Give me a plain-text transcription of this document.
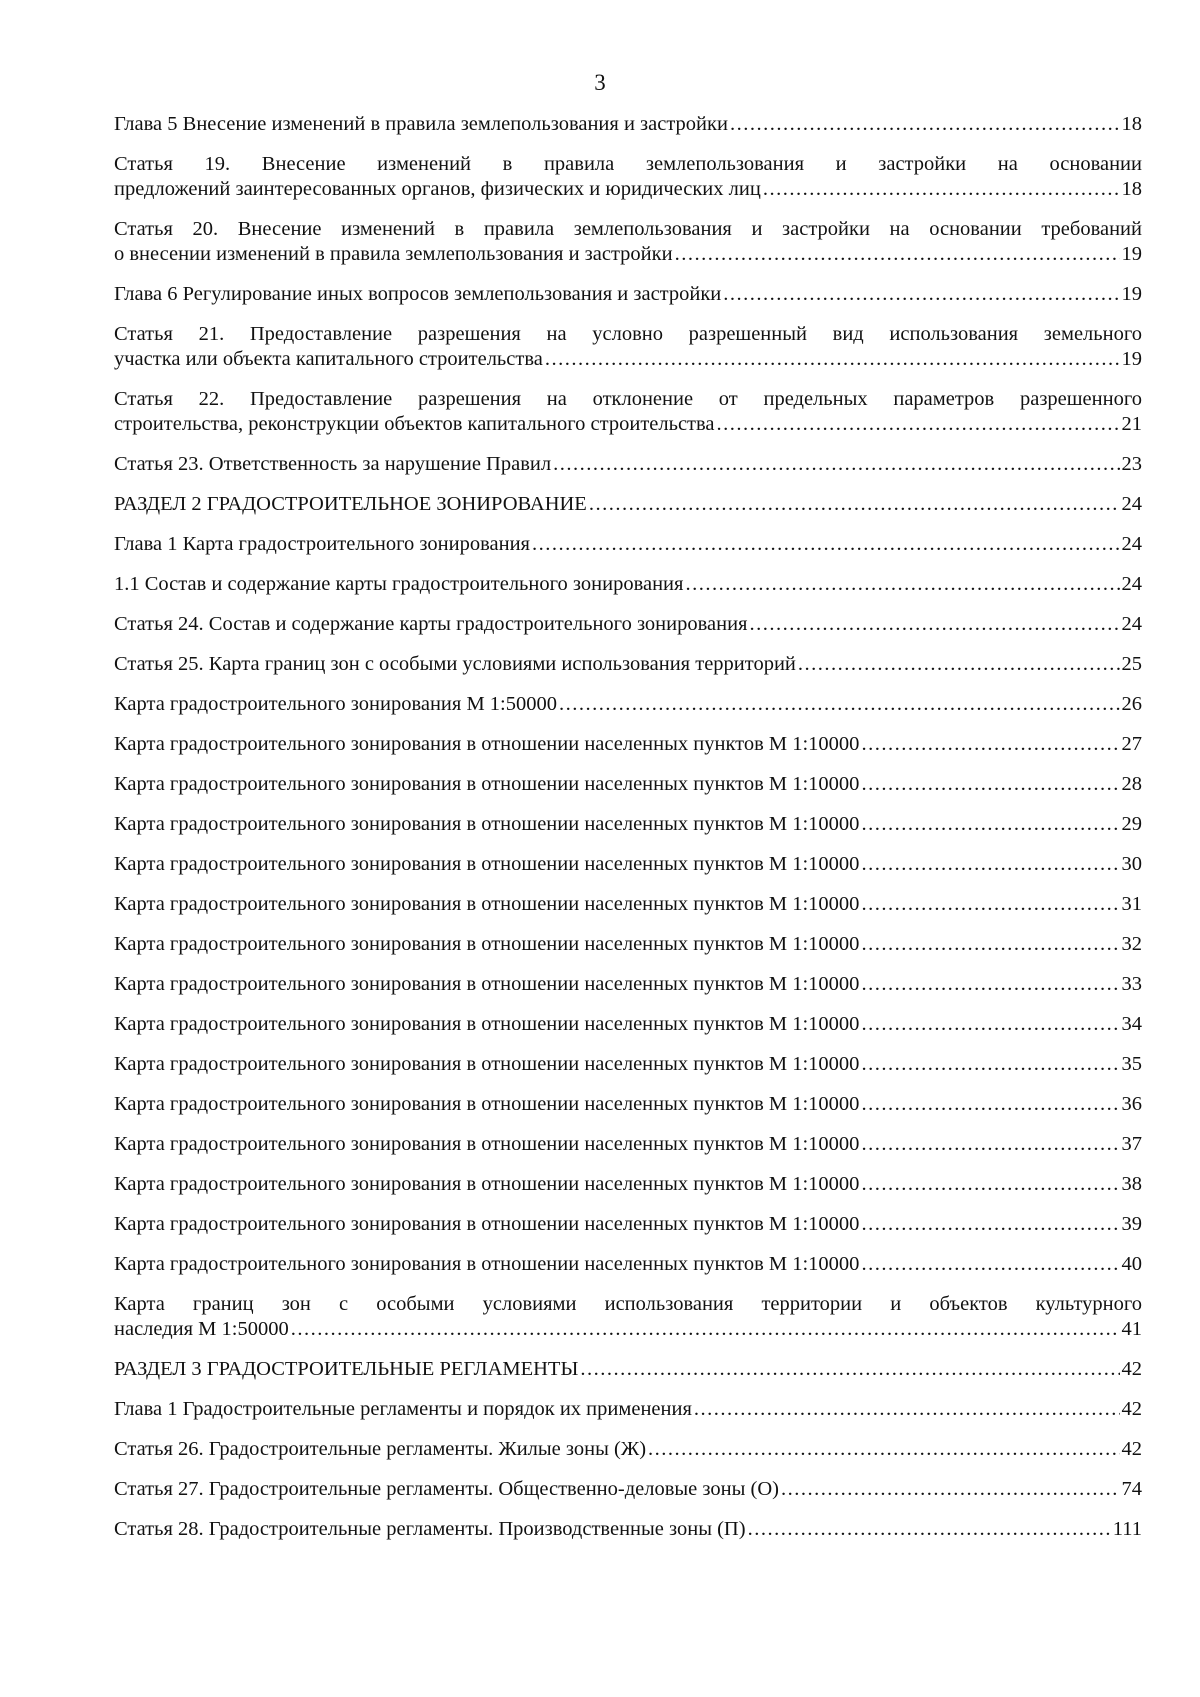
3
Глава 5 Внесение изменений в правила землепользования и застройки .....	18
Статья 19. Внесение изменений в правила землепользования и застройки на основании
предложений заинтересованных органов, физических и юридических лиц .....	18
Статья 20. Внесение изменений в правила землепользования и застройки на основании требований
о внесении изменений в правила землепользования и застройки .....	19
Глава 6 Регулирование иных вопросов землепользования и застройки .....	19
Статья 21. Предоставление разрешения на условно разрешенный вид использования земельного
участка или объекта капитального строительства .....	19
Статья 22. Предоставление разрешения на отклонение от предельных параметров разрешенного
строительства, реконструкции объектов капитального строительства .....	21
Статья 23. Ответственность за нарушение Правил .....	23
РАЗДЕЛ 2 ГРАДОСТРОИТЕЛЬНОЕ ЗОНИРОВАНИЕ .....	24
Глава 1 Карта градостроительного зонирования .....	24
1.1 Состав и содержание карты градостроительного зонирования .....	24
Статья 24. Состав и содержание карты градостроительного зонирования .....	24
Статья 25. Карта границ зон с особыми условиями использования территорий .....	25
Карта градостроительного зонирования М 1:50000 .....	26
Карта градостроительного зонирования в отношении населенных пунктов М 1:10000 .....	27
Карта градостроительного зонирования в отношении населенных пунктов М 1:10000 .....	28
Карта градостроительного зонирования в отношении населенных пунктов М 1:10000 .....	29
Карта градостроительного зонирования в отношении населенных пунктов М 1:10000 .....	30
Карта градостроительного зонирования в отношении населенных пунктов М 1:10000 .....	31
Карта градостроительного зонирования в отношении населенных пунктов М 1:10000 .....	32
Карта градостроительного зонирования в отношении населенных пунктов М 1:10000 .....	33
Карта градостроительного зонирования в отношении населенных пунктов М 1:10000 .....	34
Карта градостроительного зонирования в отношении населенных пунктов М 1:10000 .....	35
Карта градостроительного зонирования в отношении населенных пунктов М 1:10000 .....	36
Карта градостроительного зонирования в отношении населенных пунктов М 1:10000 .....	37
Карта градостроительного зонирования в отношении населенных пунктов М 1:10000 .....	38
Карта градостроительного зонирования в отношении населенных пунктов М 1:10000 .....	39
Карта градостроительного зонирования в отношении населенных пунктов М 1:10000 .....	40
Карта границ зон с особыми условиями использования территории и объектов культурного
наследия М 1:50000 .....	41
РАЗДЕЛ 3 ГРАДОСТРОИТЕЛЬНЫЕ РЕГЛАМЕНТЫ .....	42
Глава 1 Градостроительные регламенты и порядок их применения .....	42
Статья 26. Градостроительные регламенты. Жилые зоны (Ж) .....	42
Статья 27. Градостроительные регламенты. Общественно-деловые зоны (О) .....	74
Статья 28. Градостроительные регламенты. Производственные зоны (П) .....	111
